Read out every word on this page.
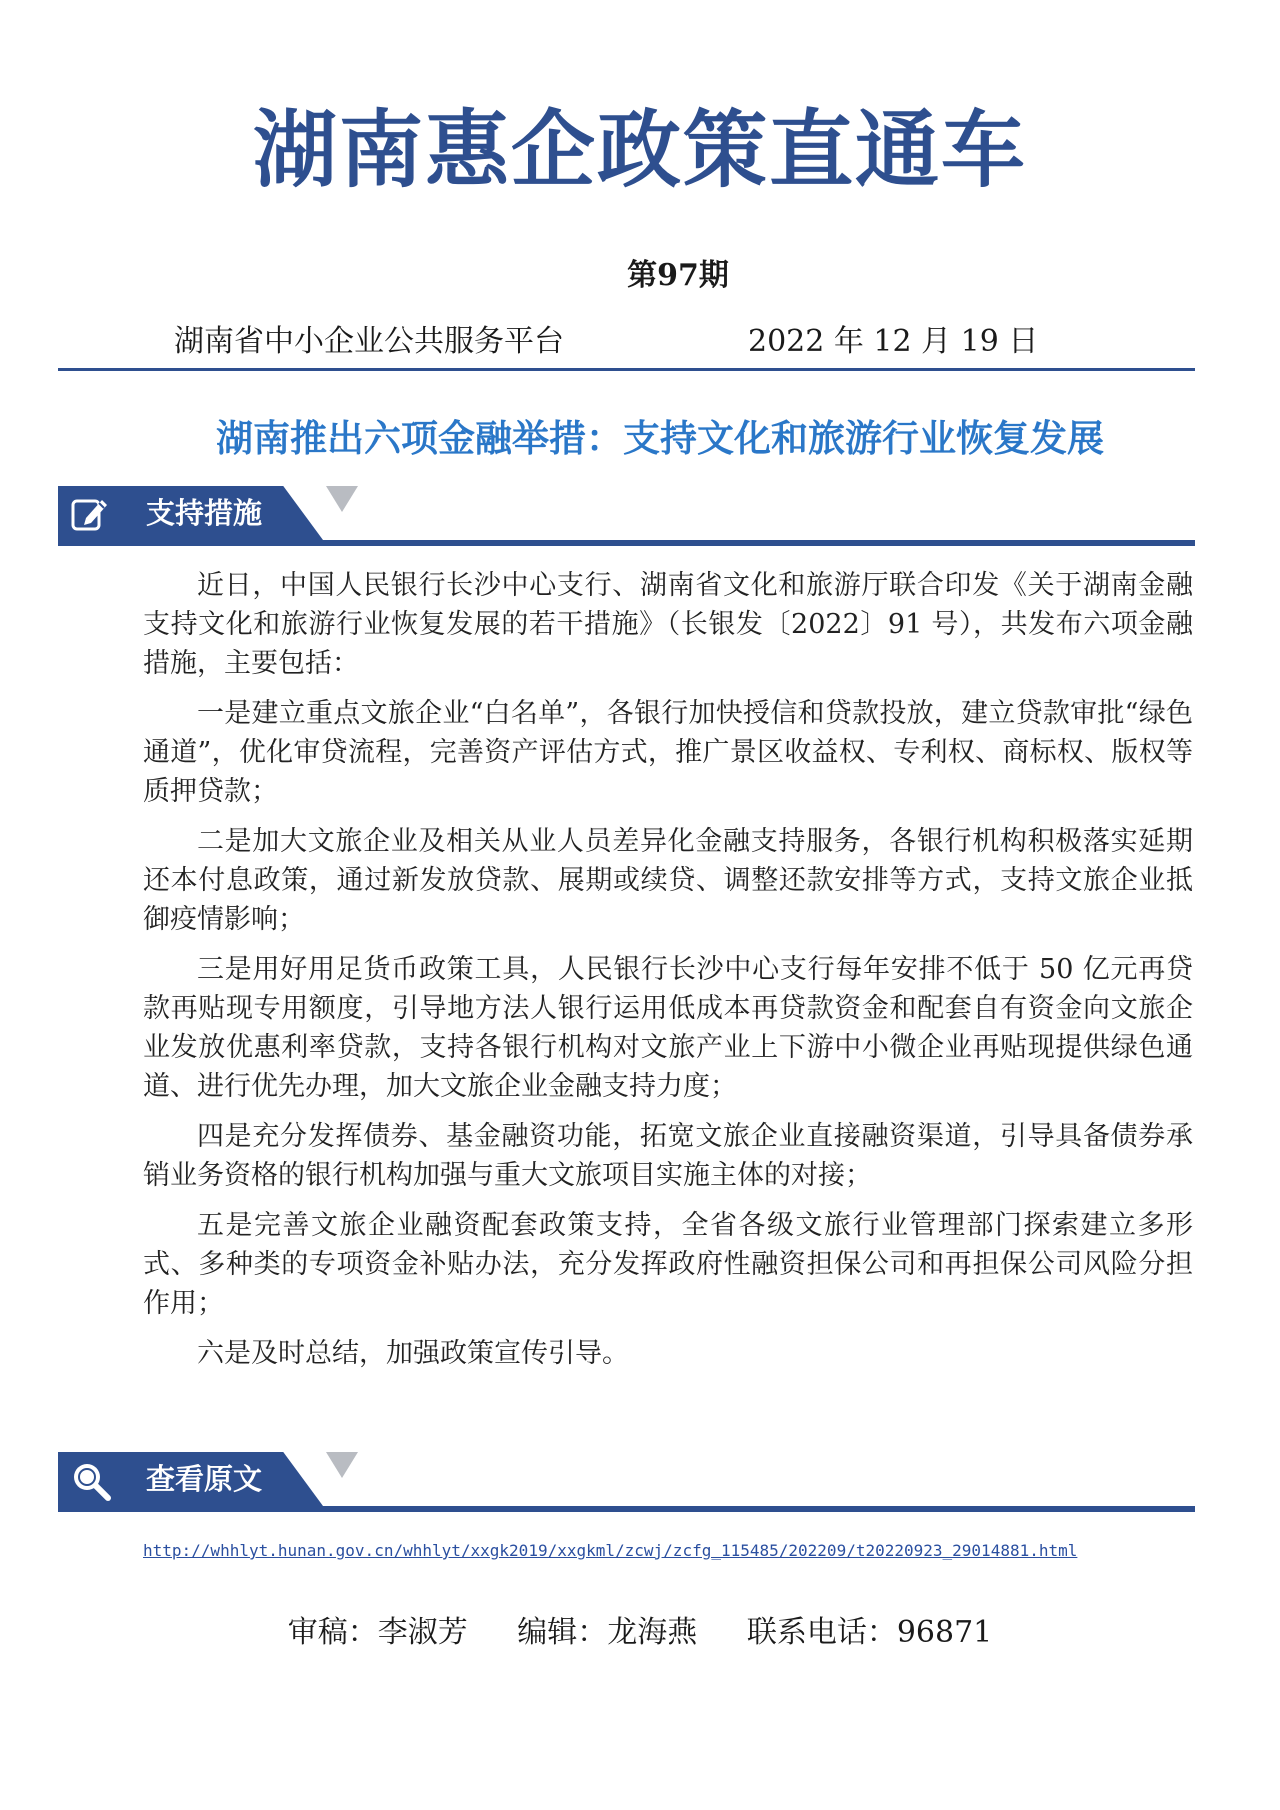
湖南惠企政策直通车
第97期
湖南省中小企业公共服务平台	2022 年 12 月 19 日
湖南推出六项金融举措：支持文化和旅游行业恢复发展
支持措施

近日，中国人民银行长沙中心支行、湖南省文化和旅游厅联合印发《关于湖南金融支持文化和旅游行业恢复发展的若干措施》（长银发〔2022〕91 号），共发布六项金融措施，主要包括：

一是建立重点文旅企业“白名单”，各银行加快授信和贷款投放，建立贷款审批“绿色通道”，优化审贷流程，完善资产评估方式，推广景区收益权、专利权、商标权、版权等质押贷款；

二是加大文旅企业及相关从业人员差异化金融支持服务，各银行机构积极落实延期还本付息政策，通过新发放贷款、展期或续贷、调整还款安排等方式，支持文旅企业抵御疫情影响；

三是用好用足货币政策工具，人民银行长沙中心支行每年安排不低于 50 亿元再贷款再贴现专用额度，引导地方法人银行运用低成本再贷款资金和配套自有资金向文旅企业发放优惠利率贷款，支持各银行机构对文旅产业上下游中小微企业再贴现提供绿色通道、进行优先办理，加大文旅企业金融支持力度；

四是充分发挥债券、基金融资功能，拓宽文旅企业直接融资渠道，引导具备债券承销业务资格的银行机构加强与重大文旅项目实施主体的对接；

五是完善文旅企业融资配套政策支持，全省各级文旅行业管理部门探索建立多形式、多种类的专项资金补贴办法，充分发挥政府性融资担保公司和再担保公司风险分担作用；

六是及时总结，加强政策宣传引导。

查看原文
http://whhlyt.hunan.gov.cn/whhlyt/xxgk2019/xxgkml/zcwj/zcfg_115485/202209/t20220923_29014881.html
审稿：李淑芳 编辑：龙海燕 联系电话：96871
